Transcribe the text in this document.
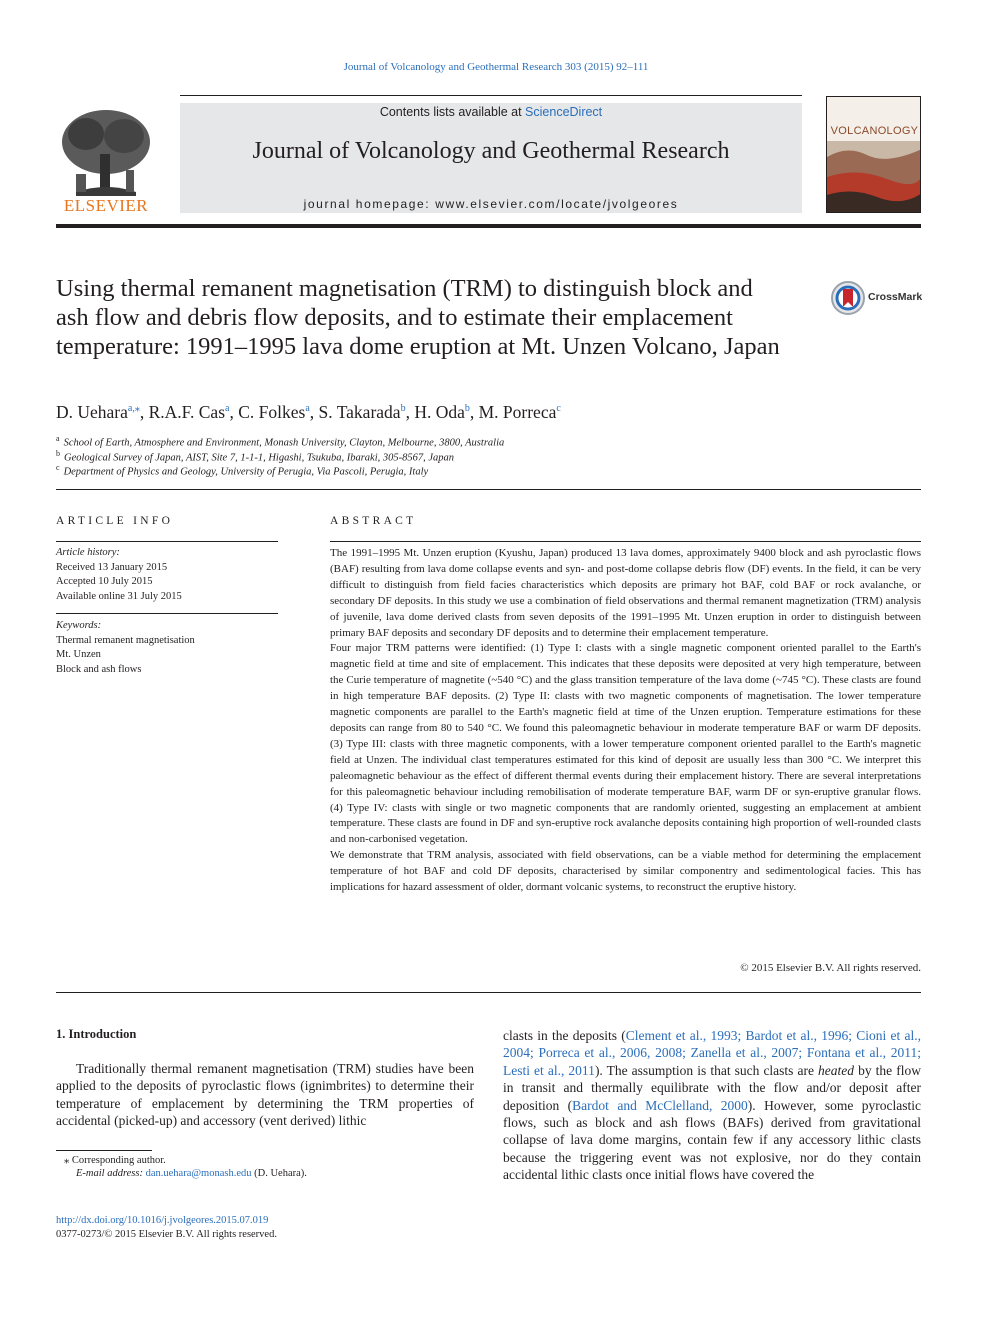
Journal of Volcanology and Geothermal Research 303 (2015) 92–111
ELSEVIER
Contents lists available at ScienceDirect
Journal of Volcanology and Geothermal Research
journal homepage: www.elsevier.com/locate/jvolgeores
VOLCANOLOGY
Using thermal remanent magnetisation (TRM) to distinguish block and ash flow and debris flow deposits, and to estimate their emplacement temperature: 1991–1995 lava dome eruption at Mt. Unzen Volcano, Japan
CrossMark
D. Uehara$^{a,⁎}$, R.A.F. Cas$^a$, C. Folkes$^a$, S. Takarada$^b$, H. Oda$^b$, M. Porreca$^c$
$^a$ School of Earth, Atmosphere and Environment, Monash University, Clayton, Melbourne, 3800, Australia
$^b$ Geological Survey of Japan, AIST, Site 7, 1-1-1, Higashi, Tsukuba, Ibaraki, 305-8567, Japan
$^c$ Department of Physics and Geology, University of Perugia, Via Pascoli, Perugia, Italy
ARTICLE INFO
Article history:
Received 13 January 2015
Accepted 10 July 2015
Available online 31 July 2015
Keywords:
Thermal remanent magnetisation
Mt. Unzen
Block and ash flows
ABSTRACT

The 1991–1995 Mt. Unzen eruption (Kyushu, Japan) produced 13 lava domes, approximately 9400 block and ash pyroclastic flows (BAF) resulting from lava dome collapse events and syn- and post-dome collapse debris flow (DF) events. In the field, it can be very difficult to distinguish from field facies characteristics which deposits are primary hot BAF, cold BAF or rock avalanche, or secondary DF deposits. In this study we use a combination of field observations and thermal remanent magnetization (TRM) analysis of juvenile, lava dome derived clasts from seven deposits of the 1991–1995 Mt. Unzen eruption in order to distinguish between primary BAF deposits and secondary DF deposits and to determine their emplacement temperature.

Four major TRM patterns were identified: (1) Type I: clasts with a single magnetic component oriented parallel to the Earth's magnetic field at time and site of emplacement. This indicates that these deposits were deposited at very high temperature, between the Curie temperature of magnetite (~540 °C) and the glass transition temperature of the lava dome (~745 °C). These clasts are found in high temperature BAF deposits. (2) Type II: clasts with two magnetic components of magnetisation. The lower temperature magnetic components are parallel to the Earth's magnetic field at time of the Unzen eruption. Temperature estimations for these deposits can range from 80 to 540 °C. We found this paleomagnetic behaviour in moderate temperature BAF or warm DF deposits. (3) Type III: clasts with three magnetic components, with a lower temperature component oriented parallel to the Earth's magnetic field at Unzen. The individual clast temperatures estimated for this kind of deposit are usually less than 300 °C. We interpret this paleomagnetic behaviour as the effect of different thermal events during their emplacement history. There are several interpretations for this paleomagnetic behaviour including remobilisation of moderate temperature BAF, warm DF or syn-eruptive granular flows. (4) Type IV: clasts with single or two magnetic components that are randomly oriented, suggesting an emplacement at ambient temperature. These clasts are found in DF and syn-eruptive rock avalanche deposits containing high proportion of well-rounded clasts and non-carbonised vegetation.

We demonstrate that TRM analysis, associated with field observations, can be a viable method for determining the emplacement temperature of hot BAF and cold DF deposits, characterised by similar componentry and sedimentological facies. This has implications for hazard assessment of older, dormant volcanic systems, to reconstruct the eruptive history.

© 2015 Elsevier B.V. All rights reserved.
1. Introduction
Traditionally thermal remanent magnetisation (TRM) studies have been applied to the deposits of pyroclastic flows (ignimbrites) to determine their temperature of emplacement by determining the TRM properties of accidental (picked-up) and accessory (vent derived) lithic
clasts in the deposits (Clement et al., 1993; Bardot et al., 1996; Cioni et al., 2004; Porreca et al., 2006, 2008; Zanella et al., 2007; Fontana et al., 2011; Lesti et al., 2011). The assumption is that such clasts are heated by the flow in transit and thermally equilibrate with the flow and/or deposit after deposition (Bardot and McClelland, 2000). However, some pyroclastic flows, such as block and ash flows (BAFs) derived from gravitational collapse of lava dome margins, contain few if any accessory lithic clasts because the triggering event was not explosive, nor do they contain accidental lithic clasts once initial flows have covered the
⁎ Corresponding author.
E-mail address: dan.uehara@monash.edu (D. Uehara).
http://dx.doi.org/10.1016/j.jvolgeores.2015.07.019
0377-0273/© 2015 Elsevier B.V. All rights reserved.
